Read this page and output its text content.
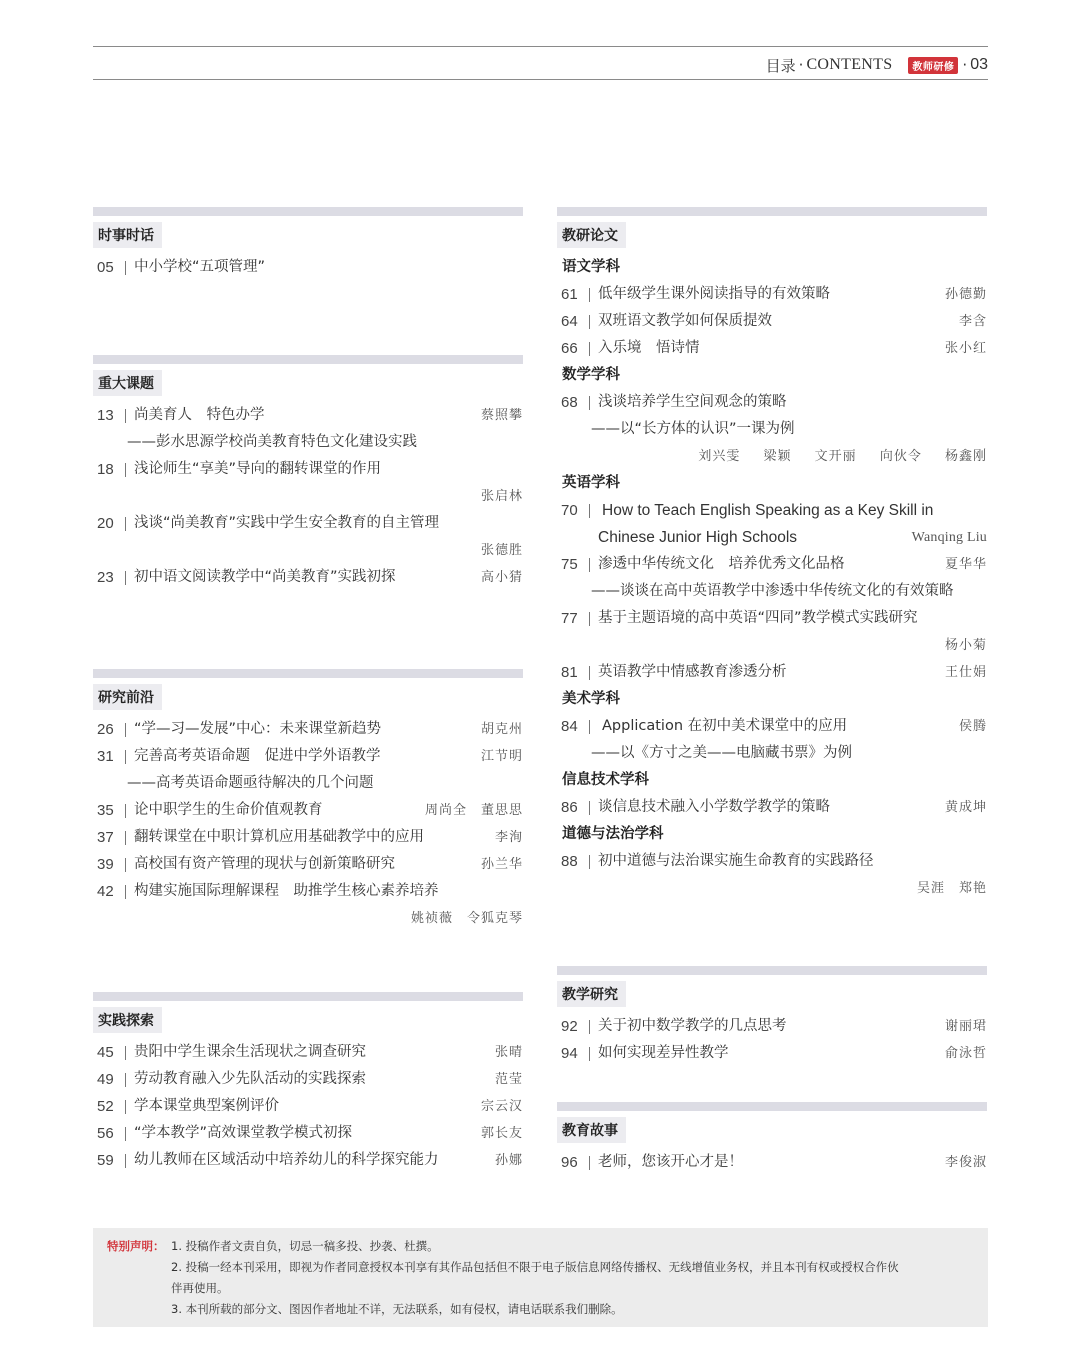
目录 · CONTENTS	教师研修 · 03
时事时话
05	中小学校“五项管理”
重大课题
13	尚美育人　特色办学	蔡照攀
——彭水思源学校尚美教育特色文化建设实践
18	浅论师生“享美”导向的翻转课堂的作用
张启林
20	浅谈“尚美教育”实践中学生安全教育的自主管理
张德胜
23	初中语文阅读教学中“尚美教育”实践初探	高小猜
研究前沿
26	“学—习—发展”中心：未来课堂新趋势	胡克州
31	完善高考英语命题　促进中学外语教学	江节明
——高考英语命题亟待解决的几个问题
35	论中职学生的生命价值观教育	周尚全　董思思
37	翻转课堂在中职计算机应用基础教学中的应用	李洵
39	高校国有资产管理的现状与创新策略研究	孙兰华
42	构建实施国际理解课程　助推学生核心素养培养
姚祯薇　令狐克琴
实践探索
45	贵阳中学生课余生活现状之调查研究	张晴
49	劳动教育融入少先队活动的实践探索	范莹
52	学本课堂典型案例评价	宗云汉
56	“学本教学”高效课堂教学模式初探	郭长友
59	幼儿教师在区域活动中培养幼儿的科学探究能力	孙娜
教研论文
语文学科
61	低年级学生课外阅读指导的有效策略	孙德勤
64	双班语文教学如何保质提效	李含
66	入乐境　悟诗情	张小红
数学学科
68	浅谈培养学生空间观念的策略
——以“长方体的认识”一课为例
刘兴雯 梁颖 文开丽 向伙令 杨鑫刚
英语学科
70	How to Teach English Speaking as a Key Skill in
Chinese Junior High Schools	Wanqing Liu
75	渗透中华传统文化　培养优秀文化品格	夏华华
——谈谈在高中英语教学中渗透中华传统文化的有效策略
77	基于主题语境的高中英语“四同”教学模式实践研究
杨小菊
81	英语教学中情感教育渗透分析	王仕娟
美术学科
84	Application 在初中美术课堂中的应用	侯腾
——以《方寸之美——电脑藏书票》为例
信息技术学科
86	谈信息技术融入小学数学教学的策略	黄成坤
道德与法治学科
88	初中道德与法治课实施生命教育的实践路径
吴涯　郑艳
教学研究
92	关于初中数学教学的几点思考	谢丽珺
94	如何实现差异性教学	俞泳哲
教育故事
96	老师，您该开心才是！	李俊淑
特别声明： 1. 投稿作者文责自负，切忌一稿多投、抄袭、杜撰。
2. 投稿一经本刊采用，即视为作者同意授权本刊享有其作品包括但不限于电子版信息网络传播权、无线增值业务权，并且本刊有权或授权合作伙
伴再使用。
3. 本刊所载的部分文、图因作者地址不详，无法联系，如有侵权，请电话联系我们删除。
